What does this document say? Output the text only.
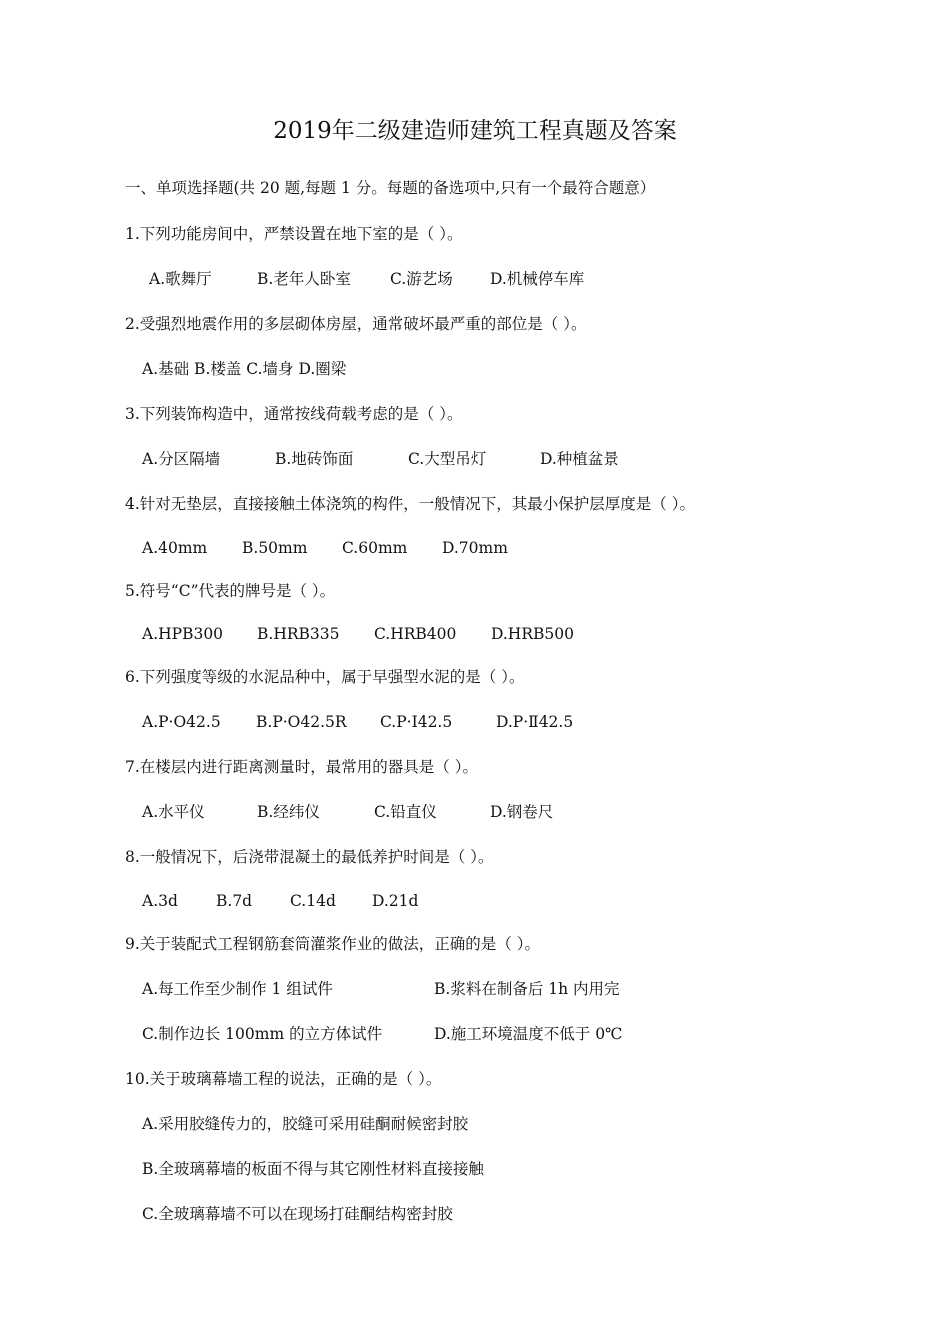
2019年二级建造师建筑工程真题及答案
一、单项选择题(共 20 题,每题 1 分。每题的备选项中,只有一个最符合题意）
1.下列功能房间中，严禁设置在地下室的是（ ）。
A.歌舞厅	B.老年人卧室	C.游艺场 D.机械停车库
2.受强烈地震作用的多层砌体房屋，通常破坏最严重的部位是（ ）。
A.基础 B.楼盖 C.墙身 D.圈梁
3.下列装饰构造中，通常按线荷载考虑的是（ ）。
A.分区隔墙	B.地砖饰面	C.大型吊灯	D.种植盆景
4.针对无垫层，直接接触土体浇筑的构件，一般情况下，其最小保护层厚度是（ ）。
A.40mm B.50mm C.60mm D.70mm
5.符号“C”代表的牌号是（ ）。
A.HPB300 B.HRB335 C.HRB400 D.HRB500
6.下列强度等级的水泥品种中，属于早强型水泥的是（ ）。
A.P·O42.5 B.P·O42.5R C.P·I42.5	D.P·Ⅱ42.5
7.在楼层内进行距离测量时，最常用的器具是（ ）。
A.水平仪	B.经纬仪	C.铅直仪	D.钢卷尺
8.一般情况下，后浇带混凝土的最低养护时间是（ ）。
A.3d B.7d C.14d D.21d
9.关于装配式工程钢筋套筒灌浆作业的做法，正确的是（ ）。
A.每工作至少制作 1 组试件	B.浆料在制备后 1h 内用完
C.制作边长 100mm 的立方体试件	D.施工环境温度不低于 0℃
10.关于玻璃幕墙工程的说法，正确的是（ ）。
A.采用胶缝传力的，胶缝可采用硅酮耐候密封胶
B.全玻璃幕墙的板面不得与其它刚性材料直接接触
C.全玻璃幕墙不可以在现场打硅酮结构密封胶
